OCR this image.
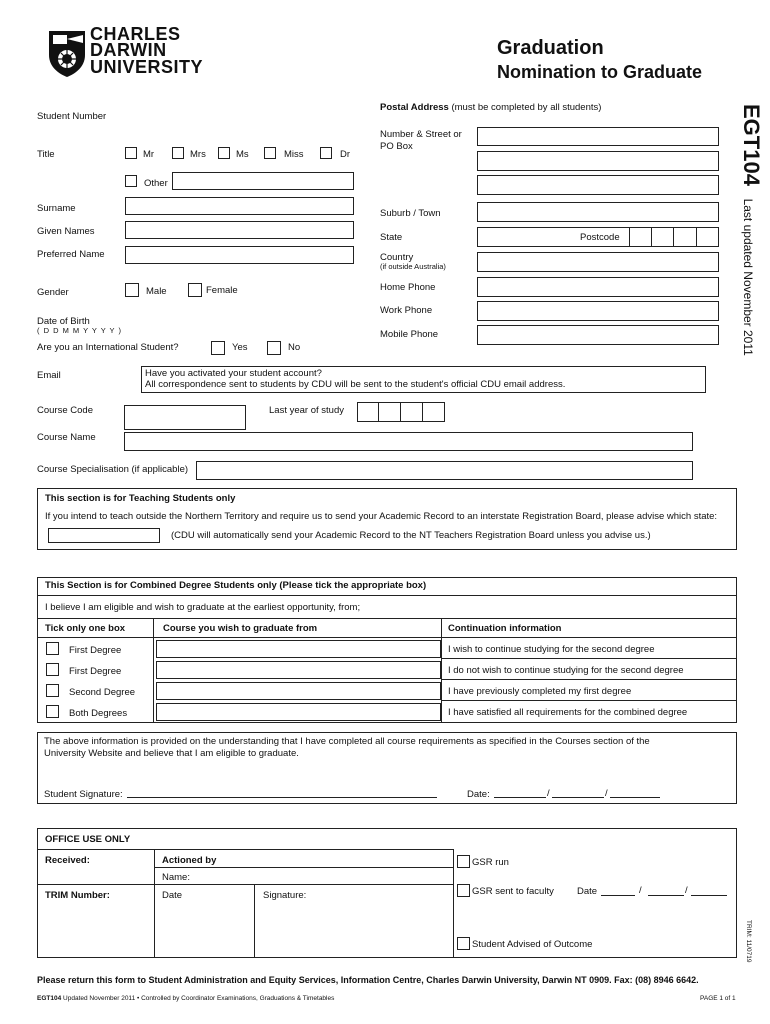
CHARLES
DARWIN
UNIVERSITY
Graduation
Nomination to Graduate
EGT104 Last updated November 2011
TRIM: 11/0719
Student Number
Title	Mr	Mrs	Ms	Miss	Dr
Other
Surname
Given Names
Preferred Name
Gender	Male	Female
Date of Birth
( D D M M Y Y Y Y )
Are you an International Student?	Yes	No
Postal Address (must be completed by all students)
Number & Street or
PO Box
Suburb / Town
State	Postcode
Country
(if outside Australia)
Home Phone
Work Phone
Mobile Phone
Email	Have you activated your student account?
All correspondence sent to students by CDU will be sent to the student's official CDU email address.
Course Code	Last year of study
Course Name
Course Specialisation (if applicable)
This section is for Teaching Students only
If you intend to teach outside the Northern Territory and require us to send your Academic Record to an interstate Registration Board, please advise which state:
(CDU will automatically send your Academic Record to the NT Teachers Registration Board unless you advise us.)
This Section is for Combined Degree Students only (Please tick the appropriate box)
I believe I am eligible and wish to graduate at the earliest opportunity, from;
Tick only one box	Course you wish to graduate from	Continuation information
First Degree	I wish to continue studying for the second degree
First Degree	I do not wish to continue studying for the second degree
Second Degree	I have previously completed my first degree
Both Degrees	I have satisfied all requirements for the combined degree
The above information is provided on the understanding that I have completed all course requirements as specified in the Courses section of the
University Website and believe that I am eligible to graduate.
Student Signature:	Date:	/	/
OFFICE USE ONLY
Received:	Actioned by
Name:
TRIM Number:	Date	Signature:
GSR run
GSR sent to faculty Date	/	/
Student Advised of Outcome
Please return this form to Student Administration and Equity Services, Information Centre, Charles Darwin University, Darwin NT 0909. Fax: (08) 8946 6642.
EGT104 Updated November 2011 • Controlled by Coordinator Examinations, Graduations & Timetables	PAGE 1 of 1
